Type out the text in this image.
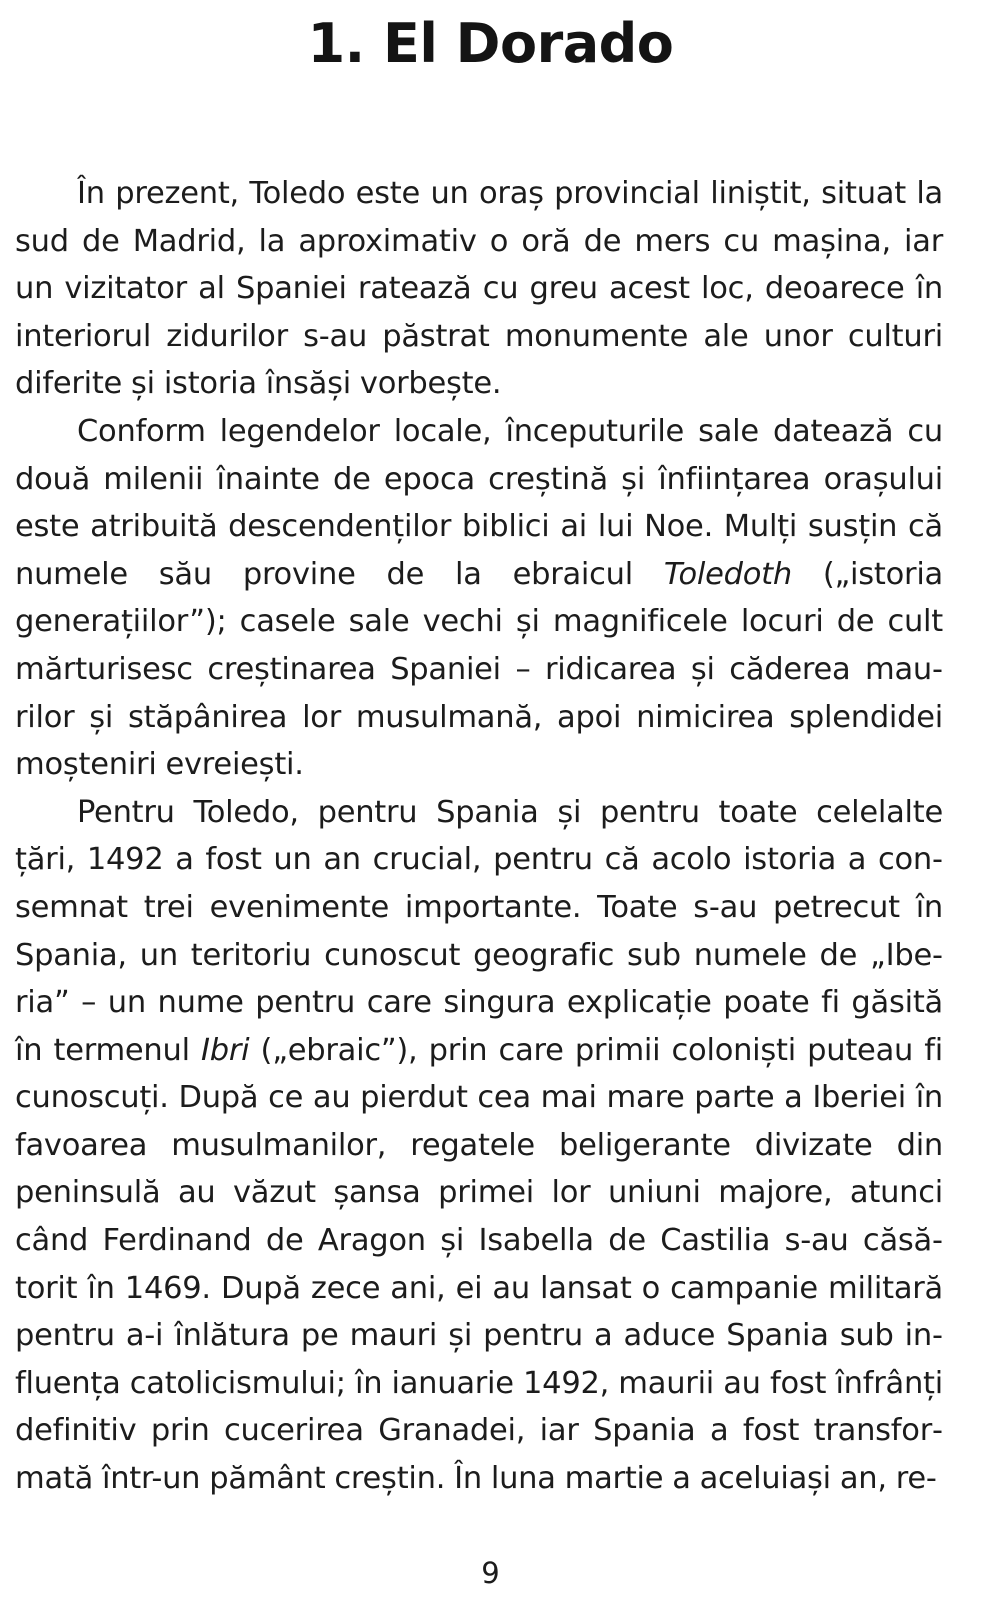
1. El Dorado

În prezent, Toledo este un oraș provincial liniștit, situat la sud de Madrid, la aproximativ o oră de mers cu mașina, iar un vizitator al Spaniei ratează cu greu acest loc, deoarece în interiorul zidurilor s-au păstrat monumente ale unor culturi diferite și istoria însăși vorbește.

Conform legendelor locale, începuturile sale datează cu două milenii înainte de epoca creștină și înființarea orașului este atribuită descendenților biblici ai lui Noe. Mulți susțin că numele său provine de la ebraicul Toledoth („istoria generațiilor”); casele sale vechi și magnificele locuri de cult mărturisesc creștinarea Spaniei – ridicarea și căderea maurilor și stăpânirea lor musulmană, apoi nimicirea splendidei moșteniri evreiești.

Pentru Toledo, pentru Spania și pentru toate celelalte țări, 1492 a fost un an crucial, pentru că acolo istoria a consemnat trei evenimente importante. Toate s-au petrecut în Spania, un teritoriu cunoscut geografic sub numele de „Iberia” – un nume pentru care singura explicație poate fi găsită în termenul Ibri („ebraic”), prin care primii coloniști puteau fi cunoscuți. După ce au pierdut cea mai mare parte a Iberiei în favoarea musulmanilor, regatele beligerante divizate din peninsulă au văzut șansa primei lor uniuni majore, atunci când Ferdinand de Aragon și Isabella de Castilia s-au căsătorit în 1469. După zece ani, ei au lansat o campanie militară pentru a-i înlătura pe mauri și pentru a aduce Spania sub influența catolicismului; în ianuarie 1492, maurii au fost înfrânți definitiv prin cucerirea Granadei, iar Spania a fost transformată într-un pământ creștin. În luna martie a aceluiași an, re-

9
